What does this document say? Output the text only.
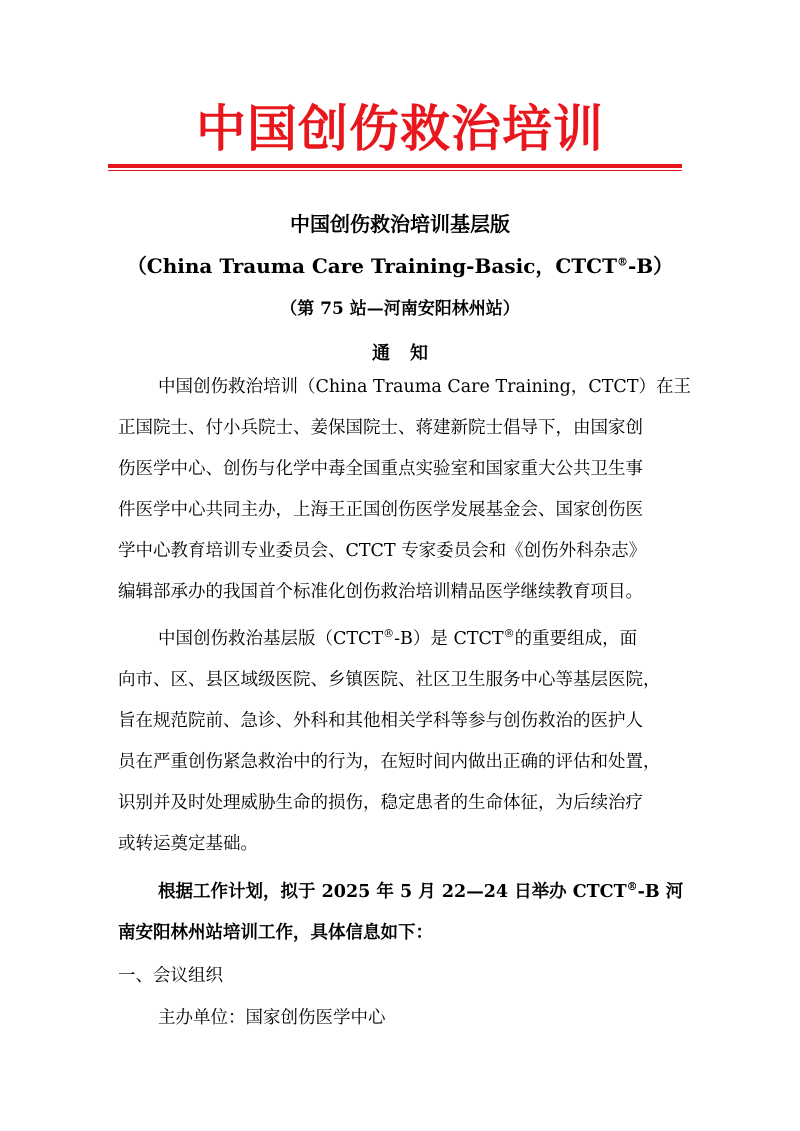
中国创伤救治培训
中国创伤救治培训基层版
（China Trauma Care Training-Basic，CTCT®-B）
（第 75 站—河南安阳林州站）
通知
中国创伤救治培训（China Trauma Care Training，CTCT）在王
正国院士、付小兵院士、姜保国院士、蒋建新院士倡导下，由国家创
伤医学中心、创伤与化学中毒全国重点实验室和国家重大公共卫生事
件医学中心共同主办，上海王正国创伤医学发展基金会、国家创伤医
学中心教育培训专业委员会、CTCT 专家委员会和《创伤外科杂志》
编辑部承办的我国首个标准化创伤救治培训精品医学继续教育项目。
中国创伤救治基层版（CTCT®-B）是 CTCT®的重要组成，面
向市、区、县区域级医院、乡镇医院、社区卫生服务中心等基层医院，
旨在规范院前、急诊、外科和其他相关学科等参与创伤救治的医护人
员在严重创伤紧急救治中的行为，在短时间内做出正确的评估和处置，
识别并及时处理威胁生命的损伤，稳定患者的生命体征，为后续治疗
或转运奠定基础。
根据工作计划，拟于 2025 年 5 月 22—24 日举办 CTCT®-B 河
南安阳林州站培训工作，具体信息如下：
一、会议组织
主办单位：国家创伤医学中心
